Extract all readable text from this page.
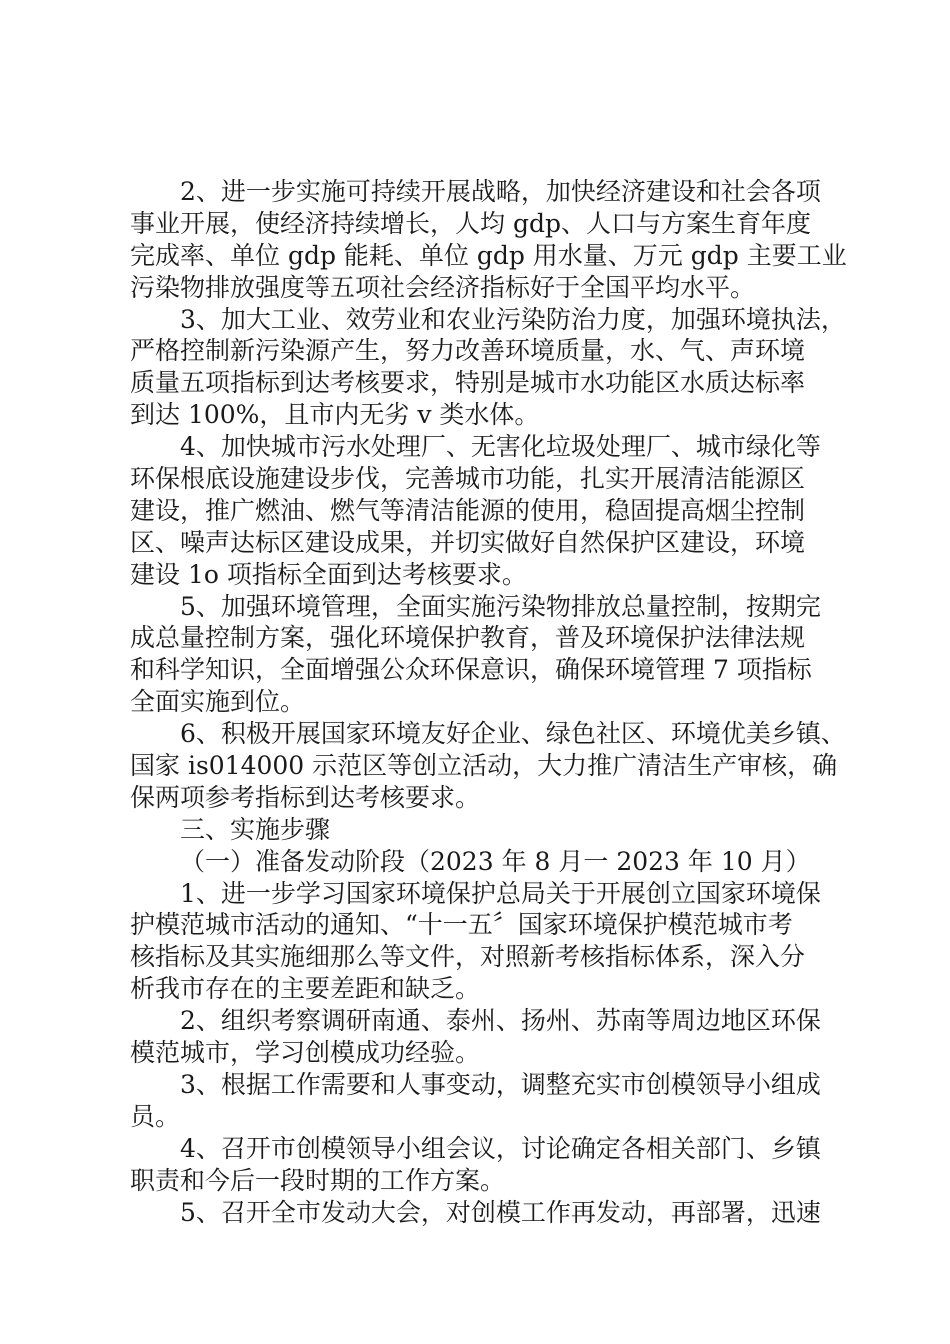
2、进一步实施可持续开展战略，加快经济建设和社会各项
事业开展，使经济持续增长，人均 gdp、人口与方案生育年度
完成率、单位 gdp 能耗、单位 gdp 用水量、万元 gdp 主要工业
污染物排放强度等五项社会经济指标好于全国平均水平。
3、加大工业、效劳业和农业污染防治力度，加强环境执法，
严格控制新污染源产生，努力改善环境质量，水、气、声环境
质量五项指标到达考核要求，特别是城市水功能区水质达标率
到达 100%，且市内无劣 v 类水体。
4、加快城市污水处理厂、无害化垃圾处理厂、城市绿化等
环保根底设施建设步伐，完善城市功能，扎实开展清洁能源区
建设，推广燃油、燃气等清洁能源的使用，稳固提高烟尘控制
区、噪声达标区建设成果，并切实做好自然保护区建设，环境
建设 1o 项指标全面到达考核要求。
5、加强环境管理，全面实施污染物排放总量控制，按期完
成总量控制方案，强化环境保护教育，普及环境保护法律法规
和科学知识，全面增强公众环保意识，确保环境管理 7 项指标
全面实施到位。
6、积极开展国家环境友好企业、绿色社区、环境优美乡镇、
国家 is014000 示范区等创立活动，大力推广清洁生产审核，确
保两项参考指标到达考核要求。
三、实施步骤
（一）准备发动阶段（2023 年 8 月一 2023 年 10 月）
1、进一步学习国家环境保护总局关于开展创立国家环境保
护模范城市活动的通知、“十一五〞国家环境保护模范城市考
核指标及其实施细那么等文件，对照新考核指标体系，深入分
析我市存在的主要差距和缺乏。
2、组织考察调研南通、泰州、扬州、苏南等周边地区环保
模范城市，学习创模成功经验。
3、根据工作需要和人事变动，调整充实市创模领导小组成
员。
4、召开市创模领导小组会议，讨论确定各相关部门、乡镇
职责和今后一段时期的工作方案。
5、召开全市发动大会，对创模工作再发动，再部署，迅速
